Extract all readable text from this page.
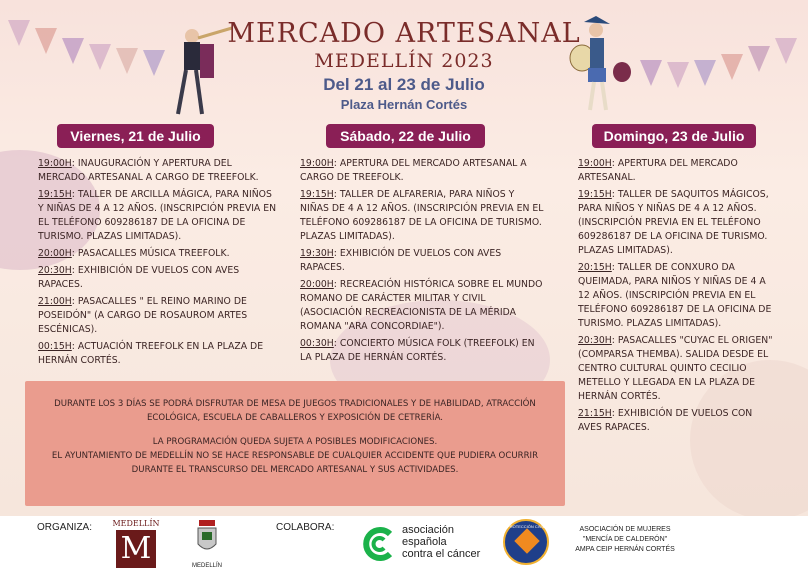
MERCADO ARTESANAL
MEDELLÍN 2023
Del 21 al 23 de Julio
Plaza Hernán Cortés
Viernes, 21 de Julio	Sábado, 22 de Julio	Domingo, 23 de Julio
19:00H: INAUGURACIÓN Y APERTURA DEL MERCADO ARTESANAL A CARGO DE TREEFOLK.
19:15H: TALLER DE ARCILLA MÁGICA, PARA NIÑOS Y NIÑAS DE 4 A 12 AÑOS. (INSCRIPCIÓN PREVIA EN EL TELÉFONO 609286187 DE LA OFICINA DE TURISMO. PLAZAS LIMITADAS).
20:00H: PASACALLES MÚSICA TREEFOLK.
20:30H: EXHIBICIÓN DE VUELOS CON AVES RAPACES.
21:00H: PASACALLES " EL REINO MARINO DE POSEIDÓN" (A CARGO DE ROSAUROM ARTES ESCÉNICAS).
00:15H: ACTUACIÓN TREEFOLK EN LA PLAZA DE HERNÁN CORTÉS.
19:00H: APERTURA DEL MERCADO ARTESANAL A CARGO DE TREEFOLK.
19:15H: TALLER DE ALFARERIA, PARA NIÑOS Y NIÑAS DE 4 A 12 AÑOS. (INSCRIPCIÓN PREVIA EN EL TELÉFONO 609286187 DE LA OFICINA DE TURISMO. PLAZAS LIMITADAS).
19:30H: EXHIBICIÓN DE VUELOS CON AVES RAPACES.
20:00H: RECREACIÓN HISTÓRICA SOBRE EL MUNDO ROMANO DE CARÁCTER MILITAR Y CIVIL (ASOCIACIÓN RECREACIONISTA DE LA MÉRIDA ROMANA "ARA CONCORDIAE").
00:30H: CONCIERTO MÚSICA FOLK (TREEFOLK) EN LA PLAZA DE HERNÁN CORTÉS.
19:00H: APERTURA DEL MERCADO ARTESANAL.
19:15H: TALLER DE SAQUITOS MÁGICOS, PARA NIÑOS Y NIÑAS DE 4 A 12 AÑOS. (INSCRIPCIÓN PREVIA EN EL TELÉFONO 609286187 DE LA OFICINA DE TURISMO. PLAZAS LIMITADAS).
20:15H: TALLER DE CONXURO DA QUEIMADA, PARA NIÑOS Y NIÑAS DE 4 A 12 AÑOS. (INSCRIPCIÓN PREVIA EN EL TELÉFONO 609286187 DE LA OFICINA DE TURISMO. PLAZAS LIMITADAS).
20:30H: PASACALLES "CUYAC EL ORIGEN" (COMPARSA THEMBA). SALIDA DESDE EL CENTRO CULTURAL QUINTO CECILIO METELLO Y LLEGADA EN LA PLAZA DE HERNÁN CORTÉS.
21:15H: EXHIBICIÓN DE VUELOS CON AVES RAPACES.

DURANTE LOS 3 DÍAS SE PODRÁ DISFRUTAR DE MESA DE JUEGOS TRADICIONALES Y DE HABILIDAD, ATRACCIÓN ECOLÓGICA, ESCUELA DE CABALLEROS Y EXPOSICIÓN DE CETRERÍA.

LA PROGRAMACIÓN QUEDA SUJETA A POSIBLES MODIFICACIONES.

EL AYUNTAMIENTO DE MEDELLÍN NO SE HACE RESPONSABLE DE CUALQUIER ACCIDENTE QUE PUDIERA OCURRIR DURANTE EL TRANSCURSO DEL MERCADO ARTESANAL Y SUS ACTIVIDADES.

ORGANIZA:	MEDELLÍN
M	MEDELLÍN
COLABORA:	asociación
española
contra el cáncer
PROTECCIÓN CIVIL	ASOCIACIÓN DE MUJERES
"MENCÍA DE CALDERÓN"
AMPA CEIP HERNÁN CORTÉS
